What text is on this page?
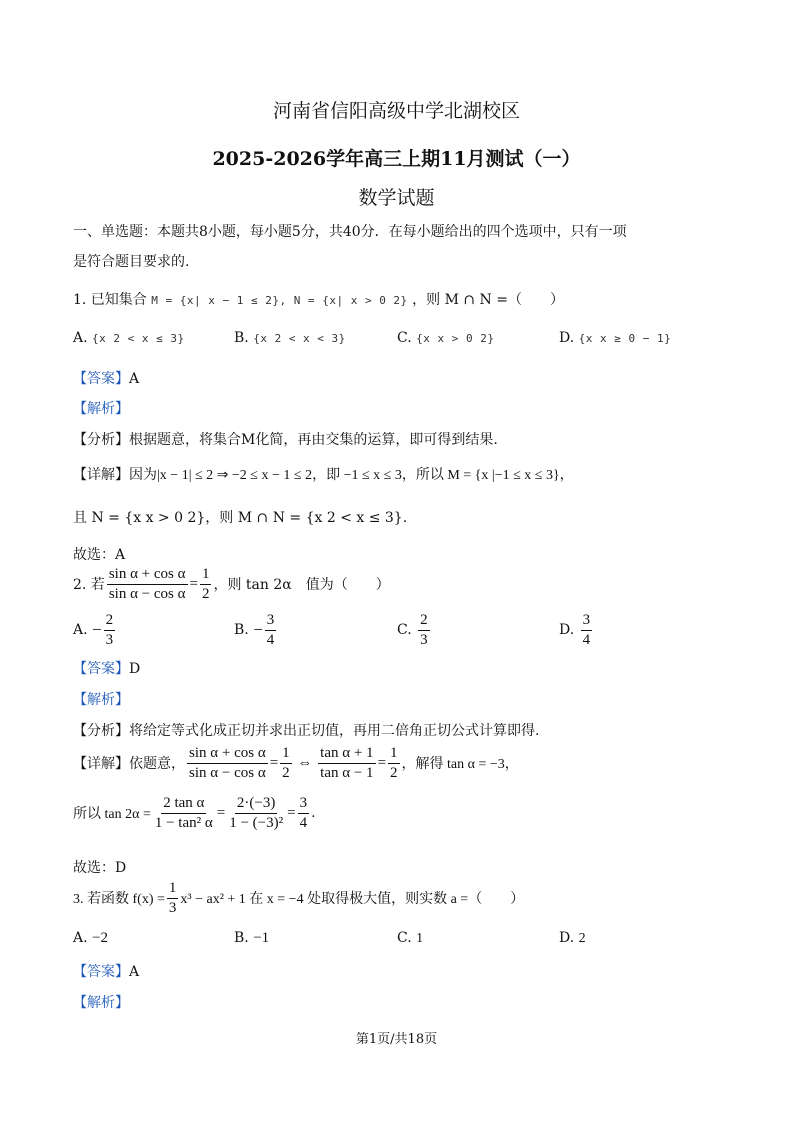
河南省信阳高级中学北湖校区
2025-2026学年高三上期11月测试（一）
数学试题
一、单选题：本题共8小题，每小题5分，共40分．在每小题给出的四个选项中，只有一项
是符合题目要求的.
1. 已知集合 M = {x| x − 1 ≤ 2}, N = {x| x > 0 2} ，则 M ∩ N =（　　）
A. {x 2 < x ≤ 3}	B. {x 2 < x < 3}	C. {x x > 0 2}	D. {x x ≥ 0 − 1}
【答案】A
【解析】
【分析】根据题意，将集合M化简，再由交集的运算，即可得到结果.
【详解】因为|x − 1| ≤ 2 ⇒ −2 ≤ x − 1 ≤ 2，即 −1 ≤ x ≤ 3，所以 M = {x |−1 ≤ x ≤ 3}，
且 N = {x x > 0 2}，则 M ∩ N = {x 2 < x ≤ 3}.
故选：A
2. 若 $\frac{\text{sin α + cos α}}{\text{sin α − cos α}} = \frac{1}{2}$ ，则 tan 2α　值为（　　）
A.
− $\frac{2}{3}$	B.
− $\frac{3}{4}$	C.
$\frac{2}{3}$	D.
$\frac{3}{4}$
【答案】D
【解析】
【分析】将给定等式化成正切并求出正切值，再用二倍角正切公式计算即得.
【详解】 依题意， $\frac{\text{sin α + cos α}}{\text{sin α − cos α}} = \frac{1}{2}$ ⇔ $\frac{\text{tan α + 1}}{\text{tan α − 1}} = \frac{1}{2}$ ，解得 tan α = −3，
所以 $\tan 2\alpha = \frac{\text{2 tan α}}{\text{1 − tan² α}} = \frac{2\cdot(-3)}{\text{1 − (−3)²}} = \frac{3}{4}$ .
故选：D
3. 若函数 $f(x) = \frac{1}{3} x^3 - ax^2 + 1$ 在 x = −4 处取得极大值，则实数 a =（　　）
A. −2	B. −1	C. 1	D. 2
【答案】A
【解析】
第1页/共18页
